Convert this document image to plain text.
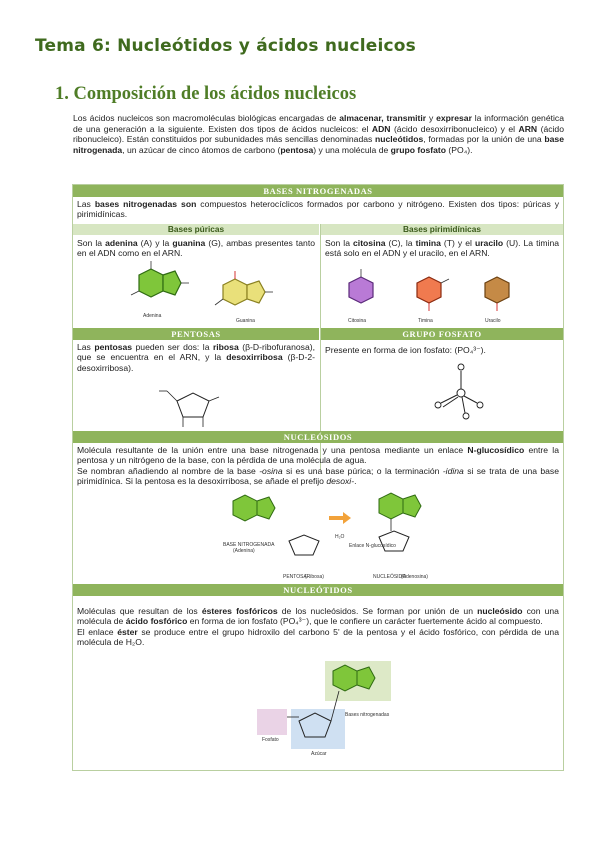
Tema 6: Nucleótidos y ácidos nucleicos
1. Composición de los ácidos nucleicos
Los ácidos nucleicos son macromoléculas biológicas encargadas de almacenar, transmitir y expresar la información genética de una generación a la siguiente. Existen dos tipos de ácidos nucleicos: el ADN (ácido desoxirribonucleico) y el ARN (ácido ribonucleico). Están constituidos por subunidades más sencillas denominadas nucleótidos, formadas por la unión de una base nitrogenada, un azúcar de cinco átomos de carbono (pentosa) y una molécula de grupo fosfato (PO₄).
BASES NITROGENADAS
Las bases nitrogenadas son compuestos heterocíclicos formados por carbono y nitrógeno. Existen dos tipos: púricas y pirimidínicas.
Bases púricas	Bases pirimidínicas
Son la adenina (A) y la guanina (G), ambas presentes tanto en el ADN como en el ARN.
Son la citosina (C), la timina (T) y el uracilo (U). La timina está solo en el ADN y el uracilo, en el ARN.
Adenina
Guanina	Citosina	Timina	Uracilo
PENTOSAS	GRUPO FOSFATO
Las pentosas pueden ser dos: la ribosa (β-D-ribofuranosa), que se encuentra en el ARN, y la desoxirribosa (β-D-2-desoxirribosa).
Presente en forma de ion fosfato: (PO₄³⁻).
NUCLEÓSIDOS
Molécula resultante de la unión entre una base nitrogenada y una pentosa mediante un enlace N-glucosídico entre la pentosa y un nitrógeno de la base, con la pérdida de una molécula de agua.
Se nombran añadiendo al nombre de la base -osina si es una base púrica; o la terminación -idina si se trata de una base pirimidínica. Si la pentosa es la desoxirribosa, se añade el prefijo desoxi-.
BASE NITROGENADA
(Adenina)
PENTOSA
(Ribosa)
H₂O
Enlace N-glucosídico
NUCLEÓSIDO
(Adenosina)
NUCLEÓTIDOS
Moléculas que resultan de los ésteres fosfóricos de los nucleósidos. Se forman por unión de un nucleósido con una molécula de ácido fosfórico en forma de ion fosfato (PO₄³⁻), que le confiere un carácter fuertemente ácido al compuesto.
El enlace éster se produce entre el grupo hidroxilo del carbono 5' de la pentosa y el ácido fosfórico, con pérdida de una molécula de H₂O.
Bases nitrogenadas
Fosfato
Azúcar
